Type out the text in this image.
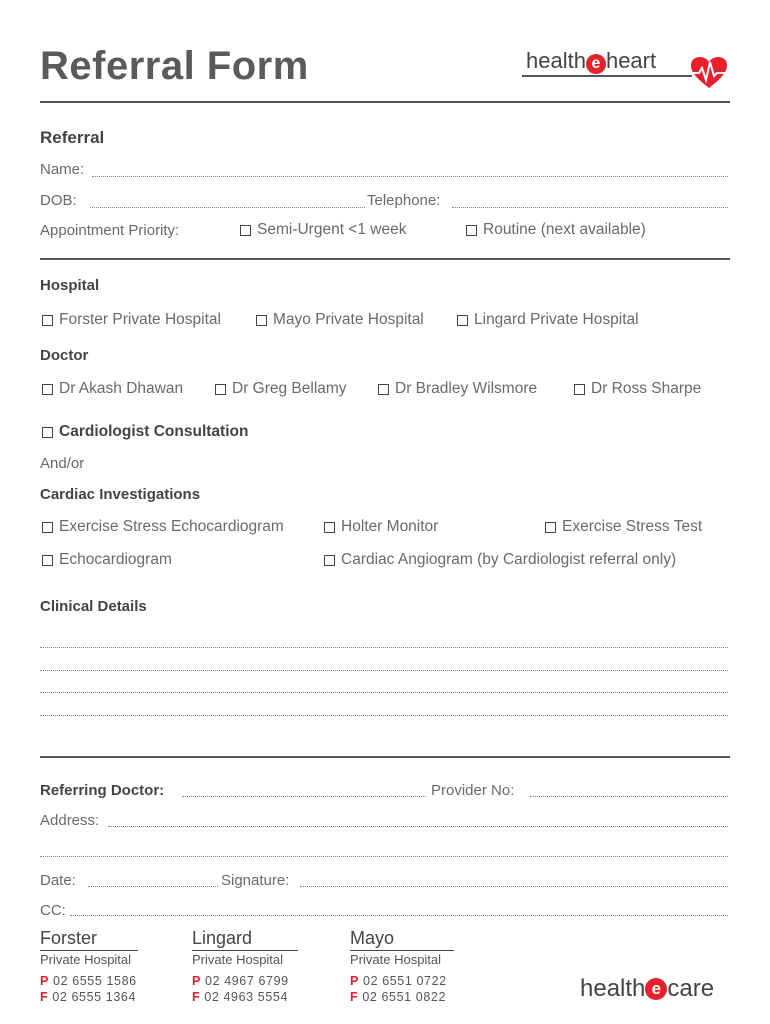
Referral Form	health e heart
Referral
Name:
DOB:	Telephone:
Appointment Priority:	Semi-Urgent <1 week	Routine (next available)
Hospital
Forster Private Hospital	Mayo Private Hospital	Lingard Private Hospital
Doctor
Dr Akash Dhawan	Dr Greg Bellamy	Dr Bradley Wilsmore	Dr Ross Sharpe
Cardiologist Consultation
And/or
Cardiac Investigations
Exercise Stress Echocardiogram	Holter Monitor	Exercise Stress Test
Echocardiogram	Cardiac Angiogram (by Cardiologist referral only)
Clinical Details
Referring Doctor:	Provider No:
Address:
Date:	Signature:
CC:
Forster
Private Hospital
P 02 6555 1586
F 02 6555 1364
Lingard
Private Hospital
P 02 4967 6799
F 02 4963 5554
Mayo
Private Hospital
P 02 6551 0722
F 02 6551 0822	health e care
